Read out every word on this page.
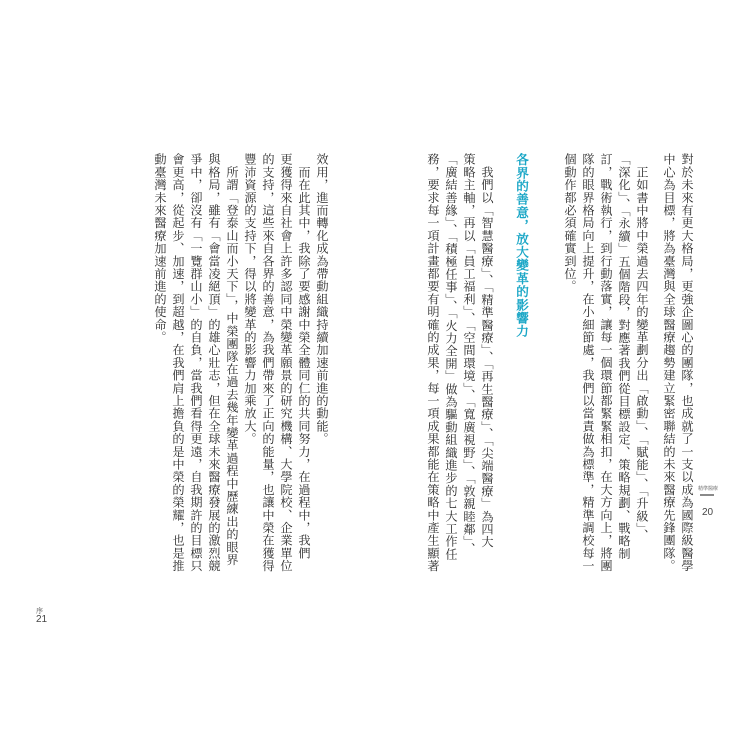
對於未來有更大格局，更強企圖心的團隊，也成就了一支以成為國際級醫學
中心為目標，將為臺灣與全球醫療趨勢建立緊密聯結的未來醫療先鋒團隊。
　正如書中將中榮過去四年的變革劃分出「啟動」、「賦能」、「升級」、
「深化」、「永續」五個階段，對應著我們從目標設定、策略規劃、戰略制
訂，戰術執行，到行動落實，讓每一個環節都緊緊相扣，在大方向上，將團
隊的眼界格局向上提升，在小細節處，我們以當責做為標準，精準調校每一
個動作都必須確實到位。
各界的善意，放大變革的影響力
　我們以「智慧醫療」、「精準醫療」、「再生醫療」、「尖端醫療」為四大
策略主軸，再以「員工福利」、「空間環境」、「寬廣視野」、「敦親睦鄰」、
「廣結善緣」、「積極任事」、「火力全開」做為驅動組織進步的七大工作任
務，要求每一項計畫都要有明確的成果，每一項成果都能在策略中產生顯著	精準醫療
20
效用，進而轉化成為帶動組織持續加速前進的動能。
　而在此其中，我除了要感謝中榮全體同仁的共同努力，在過程中，我們
更獲得來自社會上許多認同中榮變革願景的研究機構、大學院校、企業單位
的支持，這些來自各界的善意，為我們帶來了正向的能量，也讓中榮在獲得
豐沛資源的支持下，得以將變革的影響力加乘放大。
　所謂「登泰山而小天下」，中榮團隊在過去幾年變革過程中歷練出的眼界
與格局，雖有「會當凌絕頂」的雄心壯志，但在全球未來醫療發展的激烈競
爭中，卻沒有「一覽群山小」的自負，當我們看得更遠，自我期許的目標只
會更高，從起步、加速，到超越，在我們肩上擔負的是中榮的榮耀，也是推
動臺灣未來醫療加速前進的使命。
序
21
